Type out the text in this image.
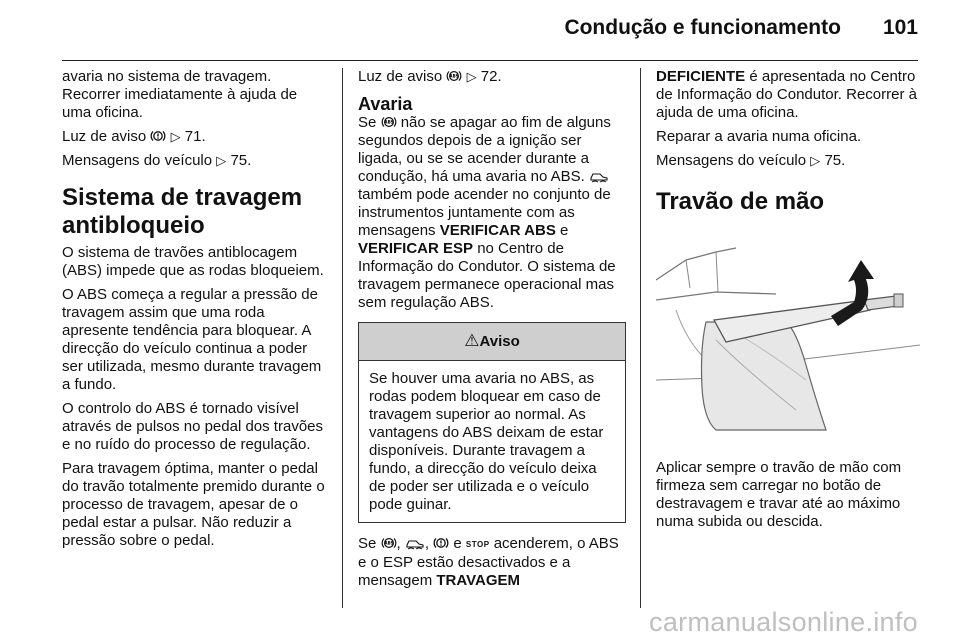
Condução e funcionamento 101

avaria no sistema de travagem. Recorrer imediatamente à ajuda de uma oficina.

Luz de aviso ▷ 71.

Mensagens do veículo ▷ 75.

Sistema de travagem antibloqueio

O sistema de travões antiblocagem (ABS) impede que as rodas bloqueiem.

O ABS começa a regular a pressão de travagem assim que uma roda apresente tendência para bloquear. A direcção do veículo continua a poder ser utilizada, mesmo durante travagem a fundo.

O controlo do ABS é tornado visível através de pulsos no pedal dos travões e no ruído do processo de regulação.

Para travagem óptima, manter o pedal do travão totalmente premido durante o processo de travagem, apesar de o pedal estar a pulsar. Não reduzir a pressão sobre o pedal.

Luz de aviso ABS ▷ 72.

Avaria

Se ABS não se apagar ao fim de alguns segundos depois de a ignição ser ligada, ou se se acender durante a condução, há uma avaria no ABS.  também pode acender no conjunto de instrumentos juntamente com as mensagens VERIFICAR ABS e VERIFICAR ESP no Centro de Informação do Condutor. O sistema de travagem permanece operacional mas sem regulação ABS.

⚠Aviso
Se houver uma avaria no ABS, as rodas podem bloquear em caso de travagem superior ao normal. As vantagens do ABS deixam de estar disponíveis. Durante travagem a fundo, a direcção do veículo deixa de poder ser utilizada e o veículo pode guinar.

Se ABS , ,  e STOP acenderem, o ABS e o ESP estão desactivados e a mensagem TRAVAGEM

DEFICIENTE é apresentada no Centro de Informação do Condutor. Recorrer à ajuda de uma oficina.

Reparar a avaria numa oficina.

Mensagens do veículo ▷ 75.

Travão de mão

Aplicar sempre o travão de mão com firmeza sem carregar no botão de destravagem e travar até ao máximo numa subida ou descida.

carmanualsonline.info
